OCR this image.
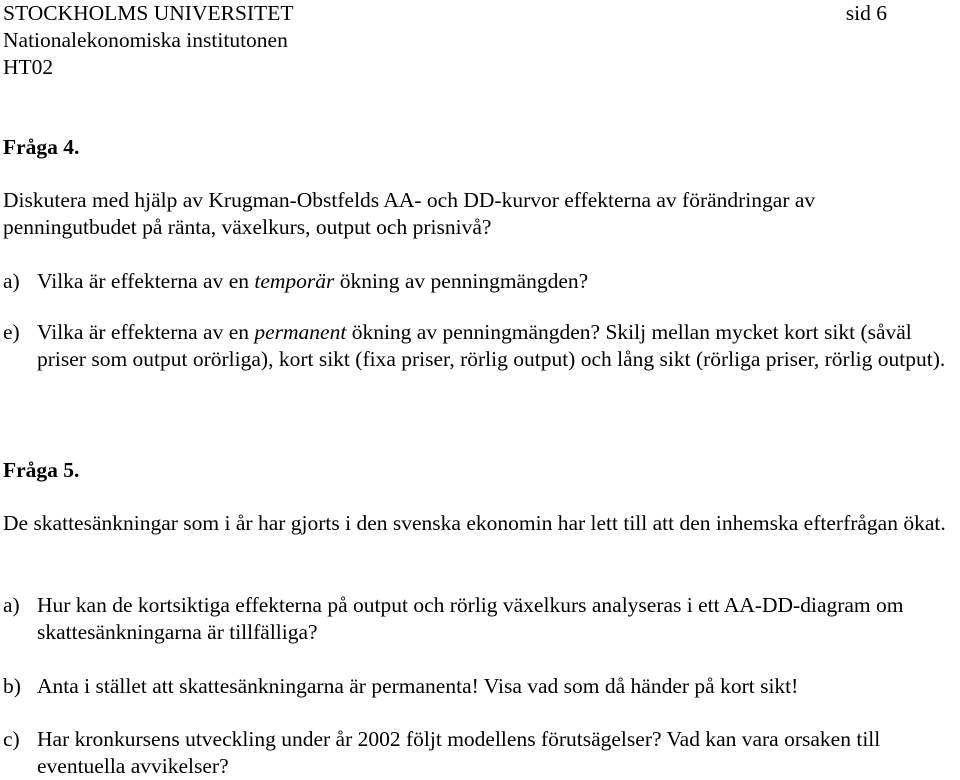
STOCKHOLMS UNIVERSITET	sid 6
Nationalekonomiska institutonen
HT02
Fråga 4.
Diskutera med hjälp av Krugman-Obstfelds AA- och DD-kurvor effekterna av förändringar av penningutbudet på ränta, växelkurs, output och prisnivå?
a) Vilka är effekterna av en temporär ökning av penningmängden?
e) Vilka är effekterna av en permanent ökning av penningmängden? Skilj mellan mycket kort sikt (såväl priser som output orörliga), kort sikt (fixa priser, rörlig output) och lång sikt (rörliga priser, rörlig output).
Fråga 5.
De skattesänkningar som i år har gjorts i den svenska ekonomin har lett till att den inhemska efterfrågan ökat.
a) Hur kan de kortsiktiga effekterna på output och rörlig växelkurs analyseras i ett AA-DD-diagram om skattesänkningarna är tillfälliga?
b) Anta i stället att skattesänkningarna är permanenta! Visa vad som då händer på kort sikt!
c) Har kronkursens utveckling under år 2002 följt modellens förutsägelser? Vad kan vara orsaken till eventuella avvikelser?
